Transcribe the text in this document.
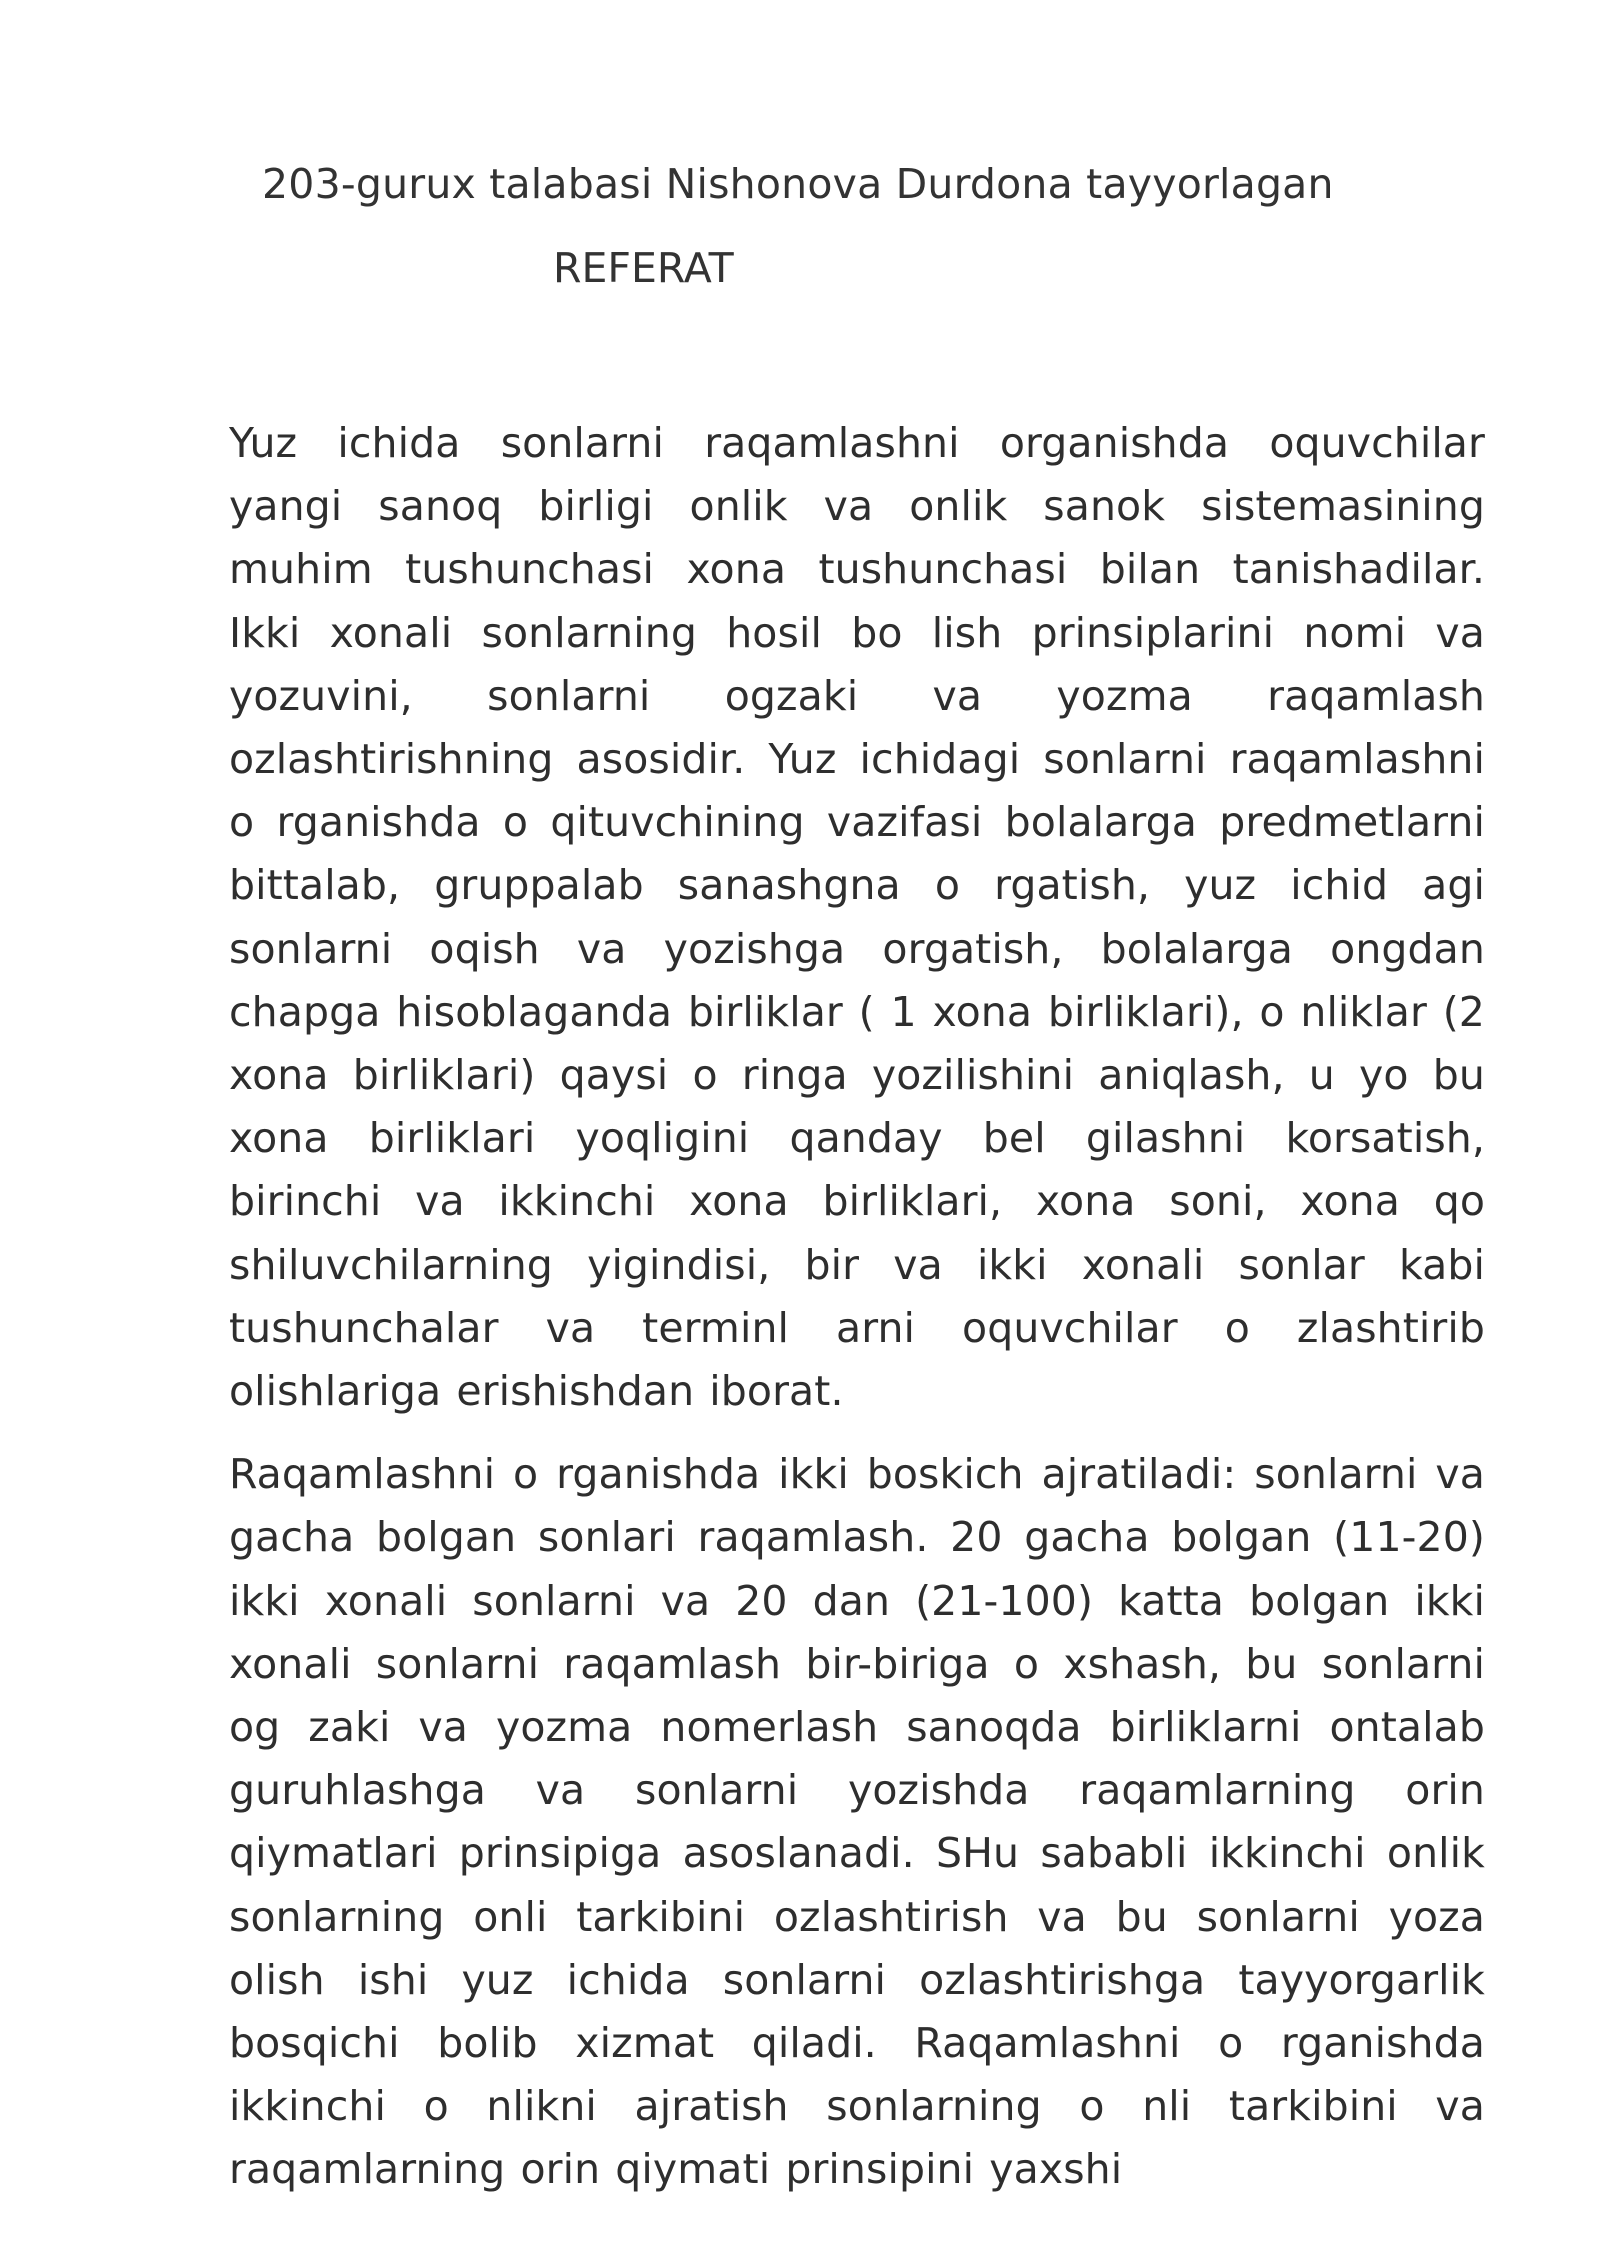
203-gurux talabasi Nishonova Durdona tayyorlagan
REFERAT

Yuz ichida sonlarni raqamlashni organishda oquvchilar yangi sanoq birligi onlik va onlik sanok sistemasining muhim tushunchasi xona tushunchasi bilan tanishadilar. Ikki xonali sonlarning hosil bo lish prinsiplarini nomi va yozuvini, sonlarni ogzaki va yozma raqamlash ozlashtirishning asosidir. Yuz ichidagi sonlarni raqamlashni o rganishda o qituvchining vazifasi bolalarga predmetlarni bittalab, gruppalab sanashgna o rgatish, yuz ichid agi sonlarni oqish va yozishga orgatish, bolalarga ongdan chapga hisoblaganda birliklar ( 1 xona birliklari), o nliklar (2 xona birliklari) qaysi o ringa yozilishini aniqlash, u yo bu xona birliklari yoqligini qanday bel gilashni korsatish, birinchi va ikkinchi xona birliklari, xona soni, xona qo shiluvchilarning yigindisi, bir va ikki xonali sonlar kabi tushunchalar va terminl arni oquvchilar o zlashtirib olishlariga erishishdan iborat.

Raqamlashni o rganishda ikki boskich ajratiladi: sonlarni va gacha bolgan sonlari raqamlash. 20 gacha bolgan (11-20) ikki xonali sonlarni va 20 dan (21-100) katta bolgan ikki xonali sonlarni raqamlash bir-biriga o xshash, bu sonlarni og zaki va yozma nomerlash sanoqda birliklarni ontalab guruhlashga va sonlarni yozishda raqamlarning orin qiymatlari prinsipiga asoslanadi. SHu sababli ikkinchi onlik sonlarning onli tarkibini ozlashtirish va bu sonlarni yoza olish ishi yuz ichida sonlarni ozlashtirishga tayyorgarlik bosqichi bolib xizmat qiladi. Raqamlashni o rganishda ikkinchi o nlikni ajratish sonlarning o nli tarkibini va raqamlarning orin qiymati prinsipini yaxshi
